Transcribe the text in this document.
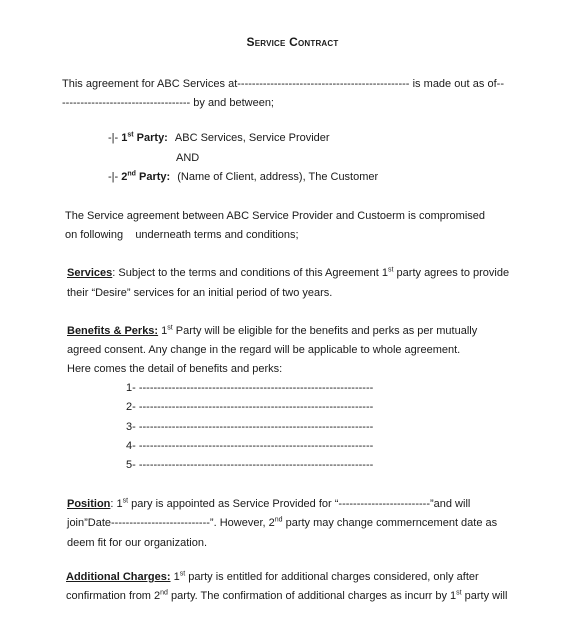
Service Contract
This agreement for ABC Services at----------------------------------------------- is made out as of--
----------------------------------- by and between;
-|- 1st Party: ABC Services, Service Provider
AND
-|- 2nd Party: (Name of Client, address), The Customer
The Service agreement between ABC Service Provider and Custoerm is compromised
on following    underneath terms and conditions;
Services: Subject to the terms and conditions of this Agreement 1st party agrees to provide
their “Desire” services for an initial period of two years.
Benefits & Perks: 1st Party will be eligible for the benefits and perks as per mutually
agreed consent. Any change in the regard will be applicable to whole agreement.
Here comes the detail of benefits and perks:
1- ----------------------------------------------------------------
2- ----------------------------------------------------------------
3- ----------------------------------------------------------------
4- ----------------------------------------------------------------
5- ----------------------------------------------------------------
Position: 1st pary is appointed as Service Provided for “-------------------------”and will
join”Date---------------------------”. However, 2nd party may change commerncement date as
deem fit for our organization.
Additional Charges: 1st party is entitled for additional charges considered, only after
confirmation from 2nd party. The confirmation of additional charges as incurr by 1st party will
